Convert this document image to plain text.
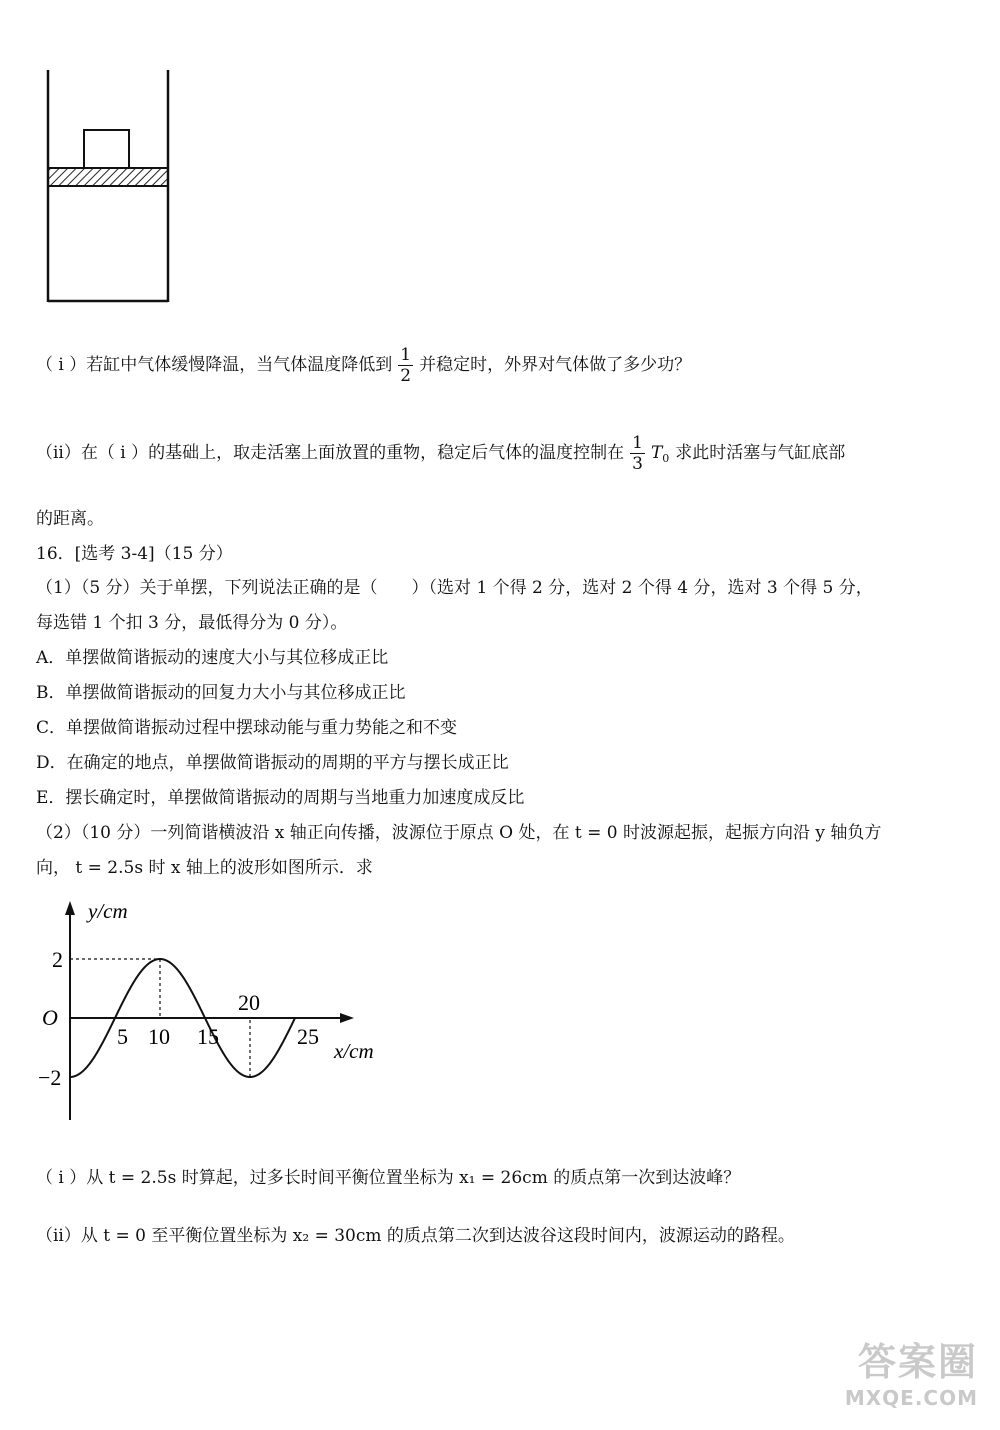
（ i ）若缸中气体缓慢降温，当气体温度降低到 $\frac{1}{2}$ 并稳定时，外界对气体做了多少功？
（ii）在（ i ）的基础上，取走活塞上面放置的重物，稳定后气体的温度控制在 $\frac{1}{3} T_0$ 求此时活塞与气缸底部
的距离。
16．[选考 3-4]（15 分）
（1）（5 分）关于单摆，下列说法正确的是（　　）（选对 1 个得 2 分，选对 2 个得 4 分，选对 3 个得 5 分，
每选错 1 个扣 3 分，最低得分为 0 分）。
A．单摆做简谐振动的速度大小与其位移成正比
B．单摆做简谐振动的回复力大小与其位移成正比
C．单摆做简谐振动过程中摆球动能与重力势能之和不变
D．在确定的地点，单摆做简谐振动的周期的平方与摆长成正比
E．摆长确定时，单摆做简谐振动的周期与当地重力加速度成反比
（2）（10 分）一列简谐横波沿 x 轴正向传播，波源位于原点 O 处，在 t = 0 时波源起振，起振方向沿 y 轴负方
向， t = 2.5s 时 x 轴上的波形如图所示．求
y/cm
x/cm
O
2
−2
5 10 15
20
25
（ i ）从 t = 2.5s 时算起，过多长时间平衡位置坐标为 x₁ = 26cm 的质点第一次到达波峰？
（ii）从 t = 0 至平衡位置坐标为 x₂ = 30cm 的质点第二次到达波谷这段时间内，波源运动的路程。
答案圈
MXQE.COM
